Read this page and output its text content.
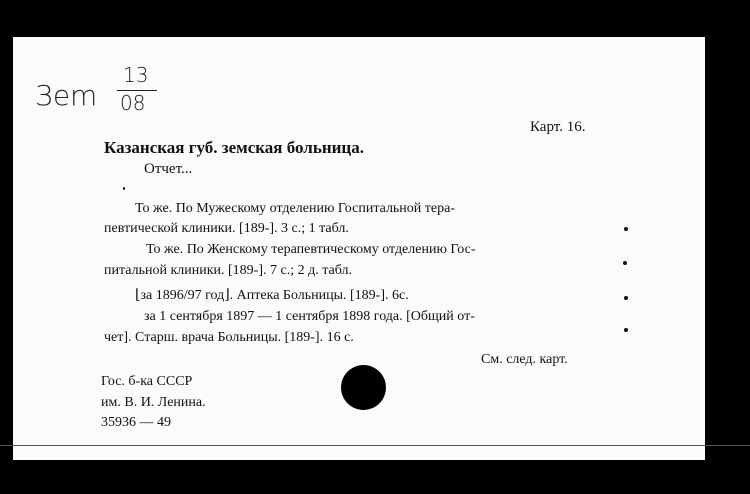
Зem
13
08
Карт. 16.
Казанская губ. земская больница.
Отчет...
То же. По Мужескому отделению Госпитальной тера-
певтической клиники. [189-]. 3 с.; 1 табл.
То же. По Женскому терапевтическому отделению Гос-
питальной клиники. [189-]. 7 с.; 2 д. табл.
⌊за 1896/97 год⌋. Аптека Больницы. [189-]. 6с.
за 1 сентября 1897 — 1 сентября 1898 года. [Общий от-
чет]. Старш. врача Больницы. [189-]. 16 с.
См. след. карт.
Гос. б-ка СССР
им. В. И. Ленина.
35936 — 49
